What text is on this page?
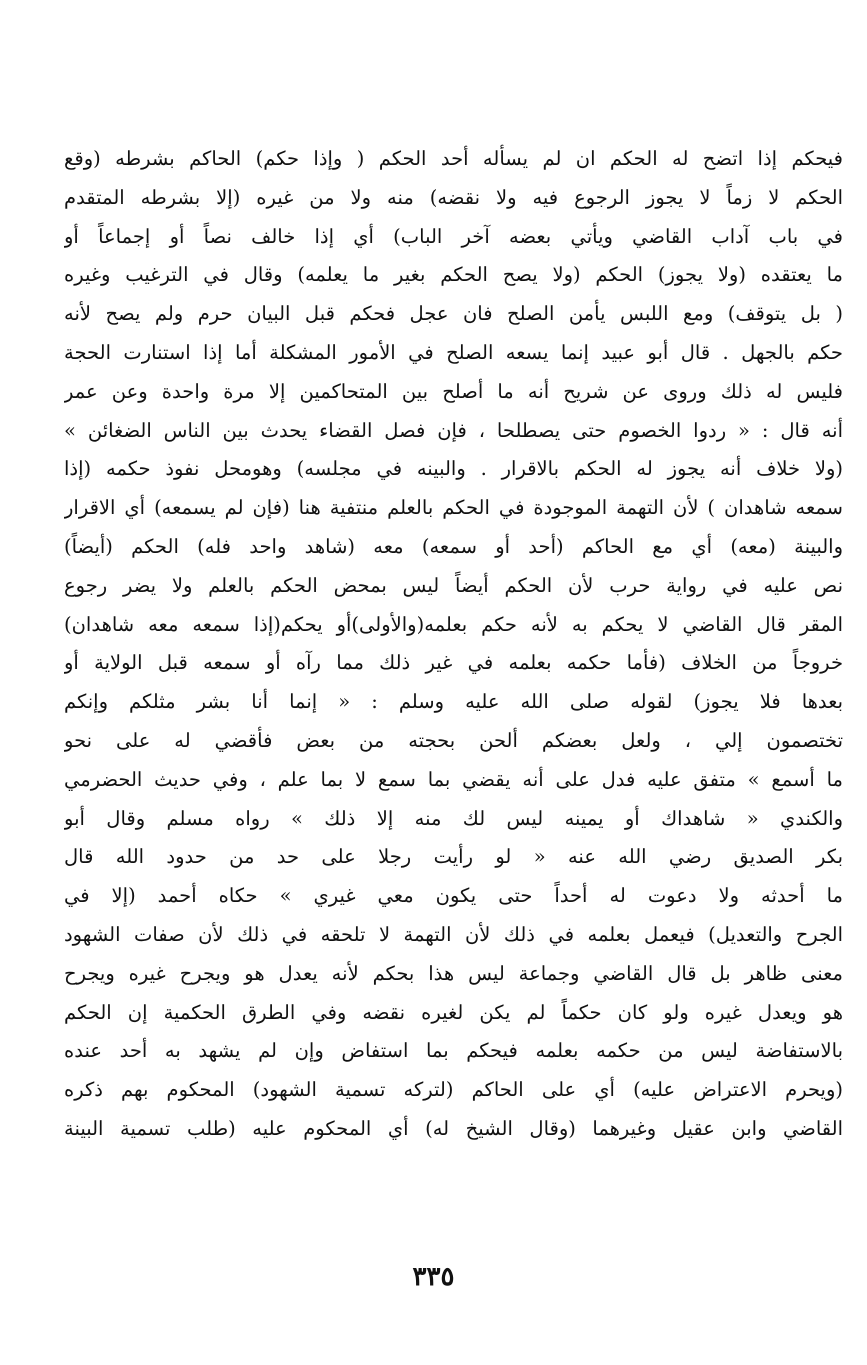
فيحكم إذا اتضح له الحكم ان لم يسأله أحد الحكم ( وإذا حكم) الحاكم بشرطه (وقع
الحكم لا زماً لا يجوز الرجوع فيه ولا نقضه) منه ولا من غيره (إلا بشرطه المتقدم
في باب آداب القاضي ويأتي بعضه آخر الباب) أي إذا خالف نصاً أو إجماعاً أو
ما يعتقده (ولا يجوز) الحكم (ولا يصح الحكم بغير ما يعلمه) وقال في الترغيب وغيره
( بل يتوقف) ومع اللبس يأمن الصلح فان عجل فحكم قبل البيان حرم ولم يصح لأنه
حكم بالجهل . قال أبو عبيد إنما يسعه الصلح في الأمور المشكلة أما إذا استنارت الحجة
فليس له ذلك وروى عن شريح أنه ما أصلح بين المتحاكمين إلا مرة واحدة وعن عمر
أنه قال : « ردوا الخصوم حتى يصطلحا ، فإن فصل القضاء يحدث بين الناس الضغائن »
(ولا خلاف أنه يجوز له الحكم بالاقرار . والبينه في مجلسه) وهومحل نفوذ حكمه (إذا
سمعه شاهدان ) لأن التهمة الموجودة في الحكم بالعلم منتفية هنا (فإن لم يسمعه) أي الاقرار
والبينة (معه) أي مع الحاكم (أحد أو سمعه) معه (شاهد واحد فله) الحكم (أيضاً)
نص عليه في رواية حرب لأن الحكم أيضاً ليس بمحض الحكم بالعلم ولا يضر رجوع
المقر قال القاضي لا يحكم به لأنه حكم بعلمه(والأولى)أو يحكم(إذا سمعه معه شاهدان)
خروجاً من الخلاف (فأما حكمه بعلمه في غير ذلك مما رآه أو سمعه قبل الولاية أو
بعدها فلا يجوز) لقوله صلى الله عليه وسلم : « إنما أنا بشر مثلكم وإنكم
تختصمون إلي ، ولعل بعضكم ألحن بحجته من بعض فأقضي له على نحو
ما أسمع » متفق عليه فدل على أنه يقضي بما سمع لا بما علم ، وفي حديث الحضرمي
والكندي « شاهداك أو يمينه ليس لك منه إلا ذلك » رواه مسلم وقال أبو
بكر الصديق رضي الله عنه « لو رأيت رجلا على حد من حدود الله قال
ما أحدثه ولا دعوت له أحداً حتى يكون معي غيري » حكاه أحمد (إلا في
الجرح والتعديل) فيعمل بعلمه في ذلك لأن التهمة لا تلحقه في ذلك لأن صفات الشهود
معنى ظاهر بل قال القاضي وجماعة ليس هذا بحكم لأنه يعدل هو ويجرح غيره ويجرح
هو ويعدل غيره ولو كان حكماً لم يكن لغيره نقضه وفي الطرق الحكمية إن الحكم
بالاستفاضة ليس من حكمه بعلمه فيحكم بما استفاض وإن لم يشهد به أحد عنده
(ويحرم الاعتراض عليه) أي على الحاكم (لتركه تسمية الشهود) المحكوم بهم ذكره
القاضي وابن عقيل وغيرهما (وقال الشيخ له) أي المحكوم عليه (طلب تسمية البينة
٣٣٥
